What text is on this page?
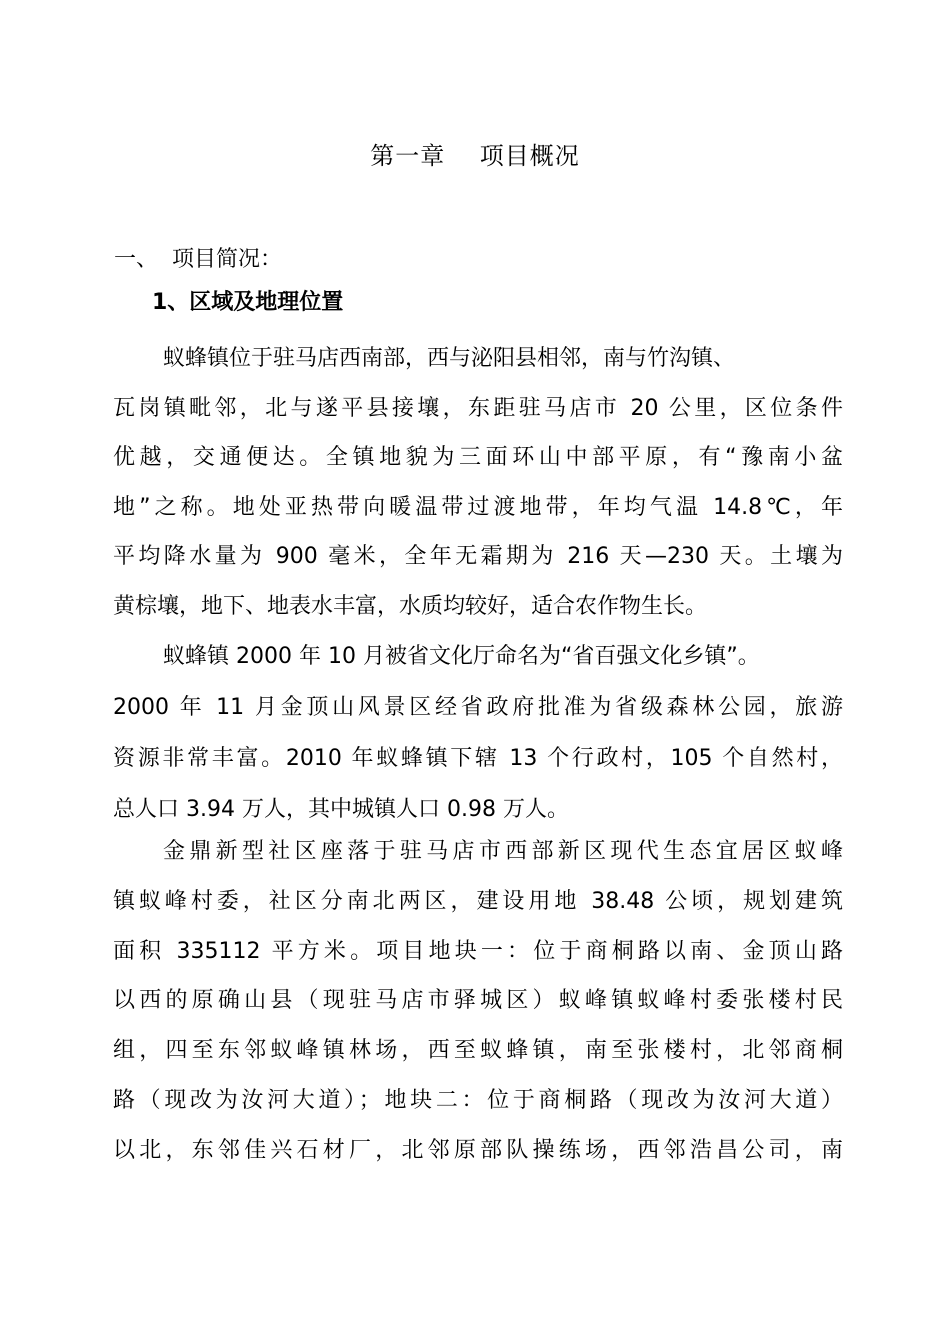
第一章    项目概况
一、  项目简况：
1、区域及地理位置
蚁蜂镇位于驻马店西南部，西与泌阳县相邻，南与竹沟镇、
瓦岗镇毗邻，北与遂平县接壤，东距驻马店市 20 公里，区位条件
优越，交通便达。全镇地貌为三面环山中部平原，有“豫南小盆
地”之称。地处亚热带向暖温带过渡地带，年均气温 14.8℃，年
平均降水量为 900 毫米，全年无霜期为 216 天—230 天。土壤为
黄棕壤，地下、地表水丰富，水质均较好，适合农作物生长。
蚁蜂镇 2000 年 10 月被省文化厅命名为“省百强文化乡镇”。
2000 年 11 月金顶山风景区经省政府批准为省级森林公园，旅游
资源非常丰富。2010 年蚁蜂镇下辖 13 个行政村，105 个自然村，
总人口 3.94 万人，其中城镇人口 0.98 万人。
金鼎新型社区座落于驻马店市西部新区现代生态宜居区蚁峰
镇蚁峰村委，社区分南北两区，建设用地 38.48 公顷，规划建筑
面积 335112 平方米。项目地块一：位于商桐路以南、金顶山路
以西的原确山县（现驻马店市驿城区）蚁峰镇蚁峰村委张楼村民
组，四至东邻蚁峰镇林场，西至蚁蜂镇，南至张楼村，北邻商桐
路（现改为汝河大道）；地块二：位于商桐路（现改为汝河大道）
以北，东邻佳兴石材厂，北邻原部队操练场，西邻浩昌公司，南
